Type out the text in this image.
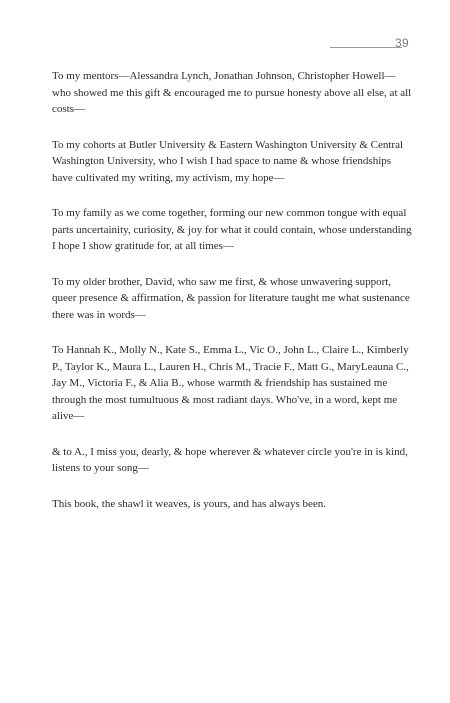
39

To my mentors—Alessandra Lynch, Jonathan Johnson, Christopher Howell— who showed me this gift & encouraged me to pursue honesty above all else, at all costs—

To my cohorts at Butler University & Eastern Washington University & Central Washington University, who I wish I had space to name & whose friendships have cultivated my writing, my activism, my hope—

To my family as we come together, forming our new common tongue with equal parts uncertainity, curiosity, & joy for what it could contain, whose understanding I hope I show gratitude for, at all times—

To my older brother, David, who saw me first, & whose unwavering support, queer presence & affirmation, & passion for literature taught me what sustenance there was in words—

To Hannah K., Molly N., Kate S., Emma L., Vic O., John L., Claire L., Kimberly P., Taylor K., Maura L., Lauren H., Chris M., Tracie F., Matt G., MaryLeauna C., Jay M., Victoria F., & Alia B., whose warmth & friendship has sustained me through the most tumultuous & most radiant days. Who've, in a word, kept me alive—

& to A., I miss you, dearly, & hope wherever & whatever circle you're in is kind, listens to your song—

This book, the shawl it weaves, is yours, and has always been.
